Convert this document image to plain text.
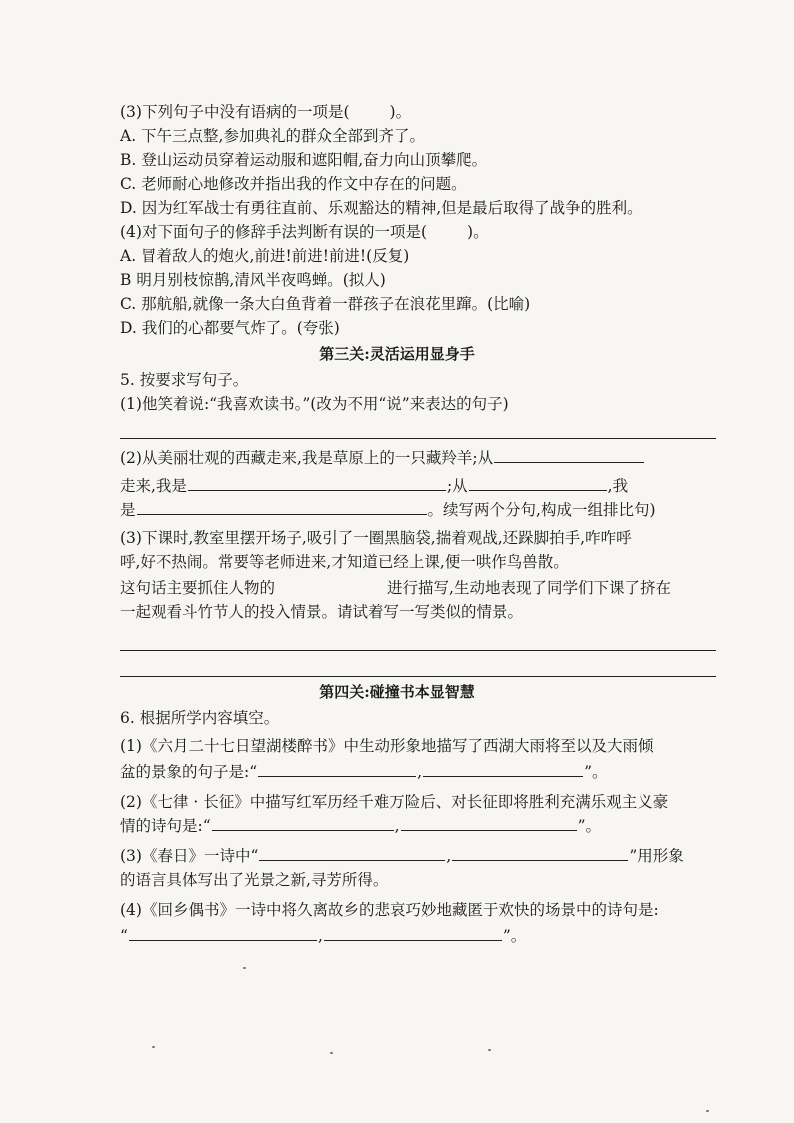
(3)下列句子中没有语病的一项是(	)。
A. 下午三点整,参加典礼的群众全部到齐了。
B. 登山运动员穿着运动服和遮阳帽,奋力向山顶攀爬。
C. 老师耐心地修改并指出我的作文中存在的问题。
D. 因为红军战士有勇往直前、乐观豁达的精神,但是最后取得了战争的胜利。
(4)对下面句子的修辞手法判断有误的一项是(	)。
A. 冒着敌人的炮火,前进!前进!前进!(反复)
B 明月别枝惊鹊,清风半夜鸣蝉。(拟人)
C. 那航船,就像一条大白鱼背着一群孩子在浪花里蹿。(比喻)
D. 我们的心都要气炸了。(夸张)
第三关:灵活运用显身手
5. 按要求写句子。
(1)他笑着说:“我喜欢读书。”(改为不用“说”来表达的句子)
(2)从美丽壮观的西藏走来,我是草原上的一只藏羚羊;从
走来,我是	;从	,我
是	。续写两个分句,构成一组排比句)
(3)下课时,教室里摆开场子,吸引了一圈黑脑袋,揣着观战,还跺脚拍手,咋咋呼
呼,好不热闹。常要等老师进来,才知道已经上课,便一哄作鸟兽散。
这句话主要抓住人物的	进行描写,生动地表现了同学们下课了挤在
一起观看斗竹节人的投入情景。请试着写一写类似的情景。
第四关:碰撞书本显智慧
6. 根据所学内容填空。
(1)《六月二十七日望湖楼醉书》中生动形象地描写了西湖大雨将至以及大雨倾
盆的景象的句子是:“	,	”。
(2)《七律 · 长征》中描写红军历经千难万险后、对长征即将胜利充满乐观主义豪
情的诗句是:“	,	”。
(3)《春日》一诗中“	,	”用形象
的语言具体写出了光景之新,寻芳所得。
(4)《回乡偶书》一诗中将久离故乡的悲哀巧妙地藏匿于欢快的场景中的诗句是:
“	,	”。
